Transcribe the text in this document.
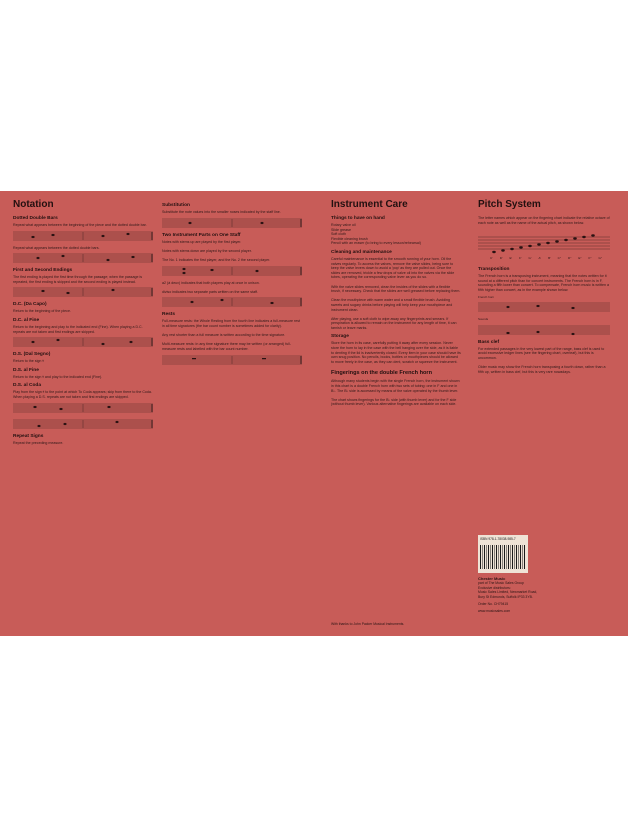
Notation
Dotted Double Bars
Repeat what appears between the beginning of the piece and the dotted double bar.
Repeat what appears between the dotted double bars.
First and Second Endings
The first ending is played the first time through the passage; when the passage is repeated, the first ending is skipped and the second ending is played instead.
D.C. (Da Capo)
Return to the beginning of the piece.
D.C. al Fine
Return to the beginning and play to the indicated end (Fine). When playing a D.C. repeats are not taken and first endings are skipped.
D.S. (Dal Segno)
Return to the sign 𝄋
D.S. al Fine
Return to the sign 𝄋 and play to the indicated end (Fine).
D.S. al Coda
Play from the sign 𝄋 to the point at which To Coda appears; skip from there to the Coda. When playing a D.S. repeats are not taken and first endings are skipped.
Repeat Signs
Repeat the preceding measure.
Substitution
Substitute the note values into the smaller noses indicated by the staff line.
Two Instrument Parts on One Staff
Notes with stems up are played by the first player.

Notes with stems down are played by the second player.

The No. 1 indicates the first player, and the No. 2 the second player.
a2 (à deux) indicates that both players play at once in unison.

diviso indicates two separate parts written on the same staff.
Rests
Full-measure rests: the Whole Resting from the fourth line indicates a full-measure rest in all time signatures (the bar count number is sometimes added for clarity).

Any rest shorter than a full measure is written according to the time signature.

Multi-measure rests: in any time signature there may be written (or arranged) full-measure rests and labelled with the bar count number.
Instrument Care
Things to have on hand
Rotary valve oil
Slide grease
Soft cloth
Flexible cleaning brush
Pencil with an eraser (to bring to every lesson/rehearsal)
Cleaning and maintenance
Careful maintenance is essential to the smooth running of your horn. Oil the valves regularly. To access the valves, remove the valve slides, being sure to keep the valve levers down to avoid a 'pop' as they are pulled out. Once the slides are removed, trickle a few drops of valve oil into the valves via the slide tubes, operating the corresponding valve lever as you do so.

With the valve slides removed, clean the insides of the slides with a flexible brush, if necessary. Check that the slides are well greased before replacing them.

Clean the mouthpiece with warm water and a small flexible brush. Avoiding sweets and sugary drinks before playing will help keep your mouthpiece and instrument clean.

After playing, use a soft cloth to wipe away any fingerprints and smears. If perspiration is allowed to remain on the instrument for any length of time, it can tarnish or leave marks.
Storage
Store the horn in its case, carefully putting it away after every session. Never store the horn to lay in the case with the bell hanging over the side, as it is liable to denting if the lid is inadvertently closed. Every item in your case should have its own snug position. No pencils, books, bottles or mouthpieces should be allowed to move freely in the case, as they can dent, scratch or squeeze the instrument.
Fingerings on the double French horn
Although many students begin with the single French horn, the instrument shown in this chart is a double French horn with two sets of tubing: one in F and one in B♭. The B♭ side is accessed by means of the valve operated by the thumb lever.

The chart shows fingerings for the B♭ side (with thumb lever) and for the F side (without thumb lever). Various alternative fingerings are available on each side.
With thanks to John Packer Musical Instruments.
Pitch System
The letter names which appear on the fingering chart indicate the relative octave of each note as well as the name of the actual pitch, as shown below.
C' D' E' F' G' A' B' C'' D'' E'' F'' G''
Transposition
The French horn is a transposing instrument, meaning that the notes written for it sound at a different pitch than for concert instruments. The French horn is in F, sounding a fifth lower than concert. To compensate, French horn music is written a fifth higher than concert, as in the example shown below.
French horn
Sounds
Bass clef
For extended passages in the very lowest part of the range, bass clef is used to avoid excessive ledger lines (see the fingering chart, overleaf), but this is uncommon.

Older music may show the French horn transposing a fourth down, rather than a fifth up, written in bass clef, but this is very rare nowadays.
ISBN 978-1-78038-985-7
Chester Music
part of The Music Sales Group
Exclusive distributors:
Music Sales Limited, Newmarket Road,
Bury St Edmunds, Suffolk IP33 3YB.
Order No. CH79415
www.musicsales.com
